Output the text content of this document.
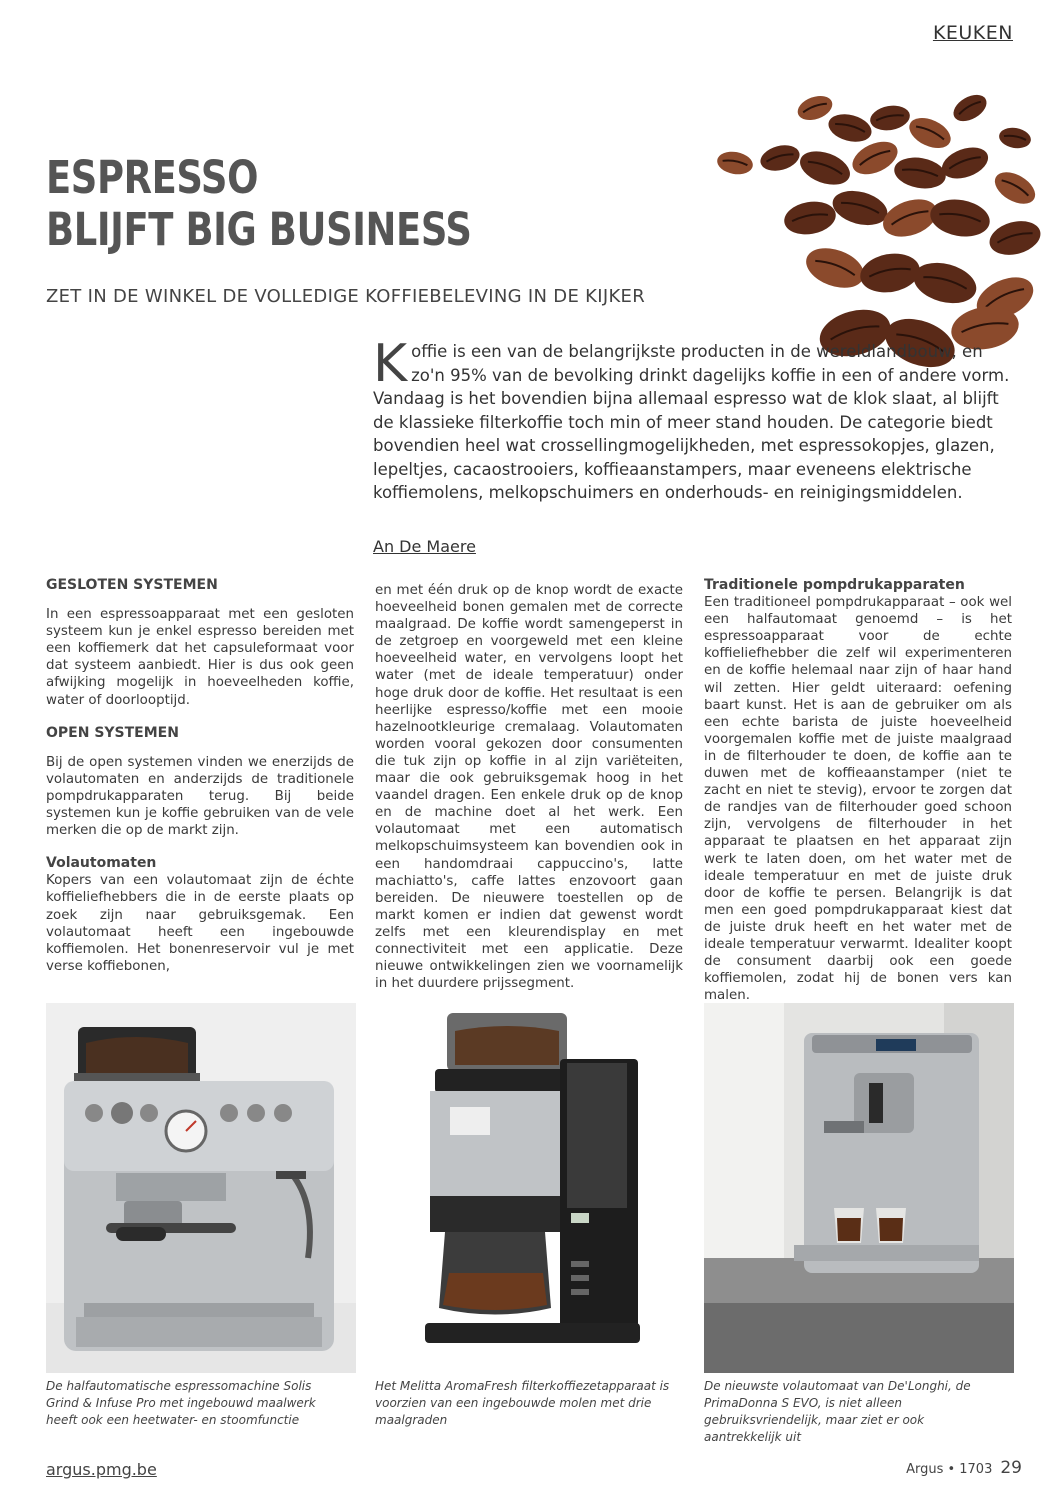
KEUKEN
ESPRESSO
BLIJFT BIG BUSINESS
ZET IN DE WINKEL DE VOLLEDIGE KOFFIEBELEVING IN DE KIJKER
Koffie is een van de belangrijkste producten in de wereldlandbouw, en zo'n 95% van de bevolking drinkt dagelijks koffie in een of andere vorm. Vandaag is het bovendien bijna allemaal espresso wat de klok slaat, al blijft de klassieke filterkoffie toch min of meer stand houden. De categorie biedt bovendien heel wat crossellingmogelijkheden, met espressokopjes, glazen, lepeltjes, cacaostrooiers, koffieaanstampers, maar eveneens elektrische koffiemolens, melkopschuimers en onderhouds- en reinigingsmiddelen.
An De Maere
GESLOTEN SYSTEMEN

In een espressoapparaat met een gesloten systeem kun je enkel espresso bereiden met een koffiemerk dat het capsuleformaat voor dat systeem aanbiedt. Hier is dus ook geen afwijking mogelijk in hoeveelheden koffie, water of doorlooptijd.

OPEN SYSTEMEN

Bij de open systemen vinden we enerzijds de volautomaten en anderzijds de traditionele pompdrukapparaten terug. Bij beide systemen kun je koffie gebruiken van de vele merken die op de markt zijn.

Volautomaten

Kopers van een volautomaat zijn de échte koffieliefhebbers die in de eerste plaats op zoek zijn naar gebruiksgemak. Een volautomaat heeft een ingebouwde koffiemolen. Het bonenreservoir vul je met verse koffiebonen,

en met één druk op de knop wordt de exacte hoeveelheid bonen gemalen met de correcte maalgraad. De koffie wordt samengeperst in de zetgroep en voorgeweld met een kleine hoeveelheid water, en vervolgens loopt het water (met de ideale temperatuur) onder hoge druk door de koffie. Het resultaat is een heerlijke espresso/koffie met een mooie hazelnootkleurige cremalaag. Volautomaten worden vooral gekozen door consumenten die tuk zijn op koffie in al zijn variëteiten, maar die ook gebruiksgemak hoog in het vaandel dragen. Een enkele druk op de knop en de machine doet al het werk. Een volautomaat met een automatisch melkopschuimsysteem kan bovendien ook in een handomdraai cappuccino's, latte machiatto's, caffe lattes enzovoort gaan bereiden. De nieuwere toestellen op de markt komen er indien dat gewenst wordt zelfs met een kleurendisplay en met connectiviteit met een applicatie. Deze nieuwe ontwikkelingen zien we voornamelijk in het duurdere prijssegment.

Traditionele pompdrukapparaten

Een traditioneel pompdrukapparaat – ook wel een halfautomaat genoemd – is het espressoapparaat voor de echte koffieliefhebber die zelf wil experimenteren en de koffie helemaal naar zijn of haar hand wil zetten. Hier geldt uiteraard: oefening baart kunst. Het is aan de gebruiker om als een echte barista de juiste hoeveelheid voorgemalen koffie met de juiste maalgraad in de filterhouder te doen, de koffie aan te duwen met de koffieaanstamper (niet te zacht en niet te stevig), ervoor te zorgen dat de randjes van de filterhouder goed schoon zijn, vervolgens de filterhouder in het apparaat te plaatsen en het apparaat zijn werk te laten doen, om het water met de ideale temperatuur en met de juiste druk door de koffie te persen. Belangrijk is dat men een goed pompdrukapparaat kiest dat de juiste druk heeft en het water met de ideale temperatuur verwarmt. Idealiter koopt de consument daarbij ook een goede koffiemolen, zodat hij de bonen vers kan malen.

De halfautomatische espressomachine Solis Grind & Infuse Pro met ingebouwd maalwerk heeft ook een heetwater- en stoomfunctie
Het Melitta AromaFresh filterkoffiezetapparaat is voorzien van een ingebouwde molen met drie maalgraden
De nieuwste volautomaat van De'Longhi, de PrimaDonna S EVO, is niet alleen gebruiksvriendelijk, maar ziet er ook aantrekkelijk uit
argus.pmg.be	Argus • 1703 29
